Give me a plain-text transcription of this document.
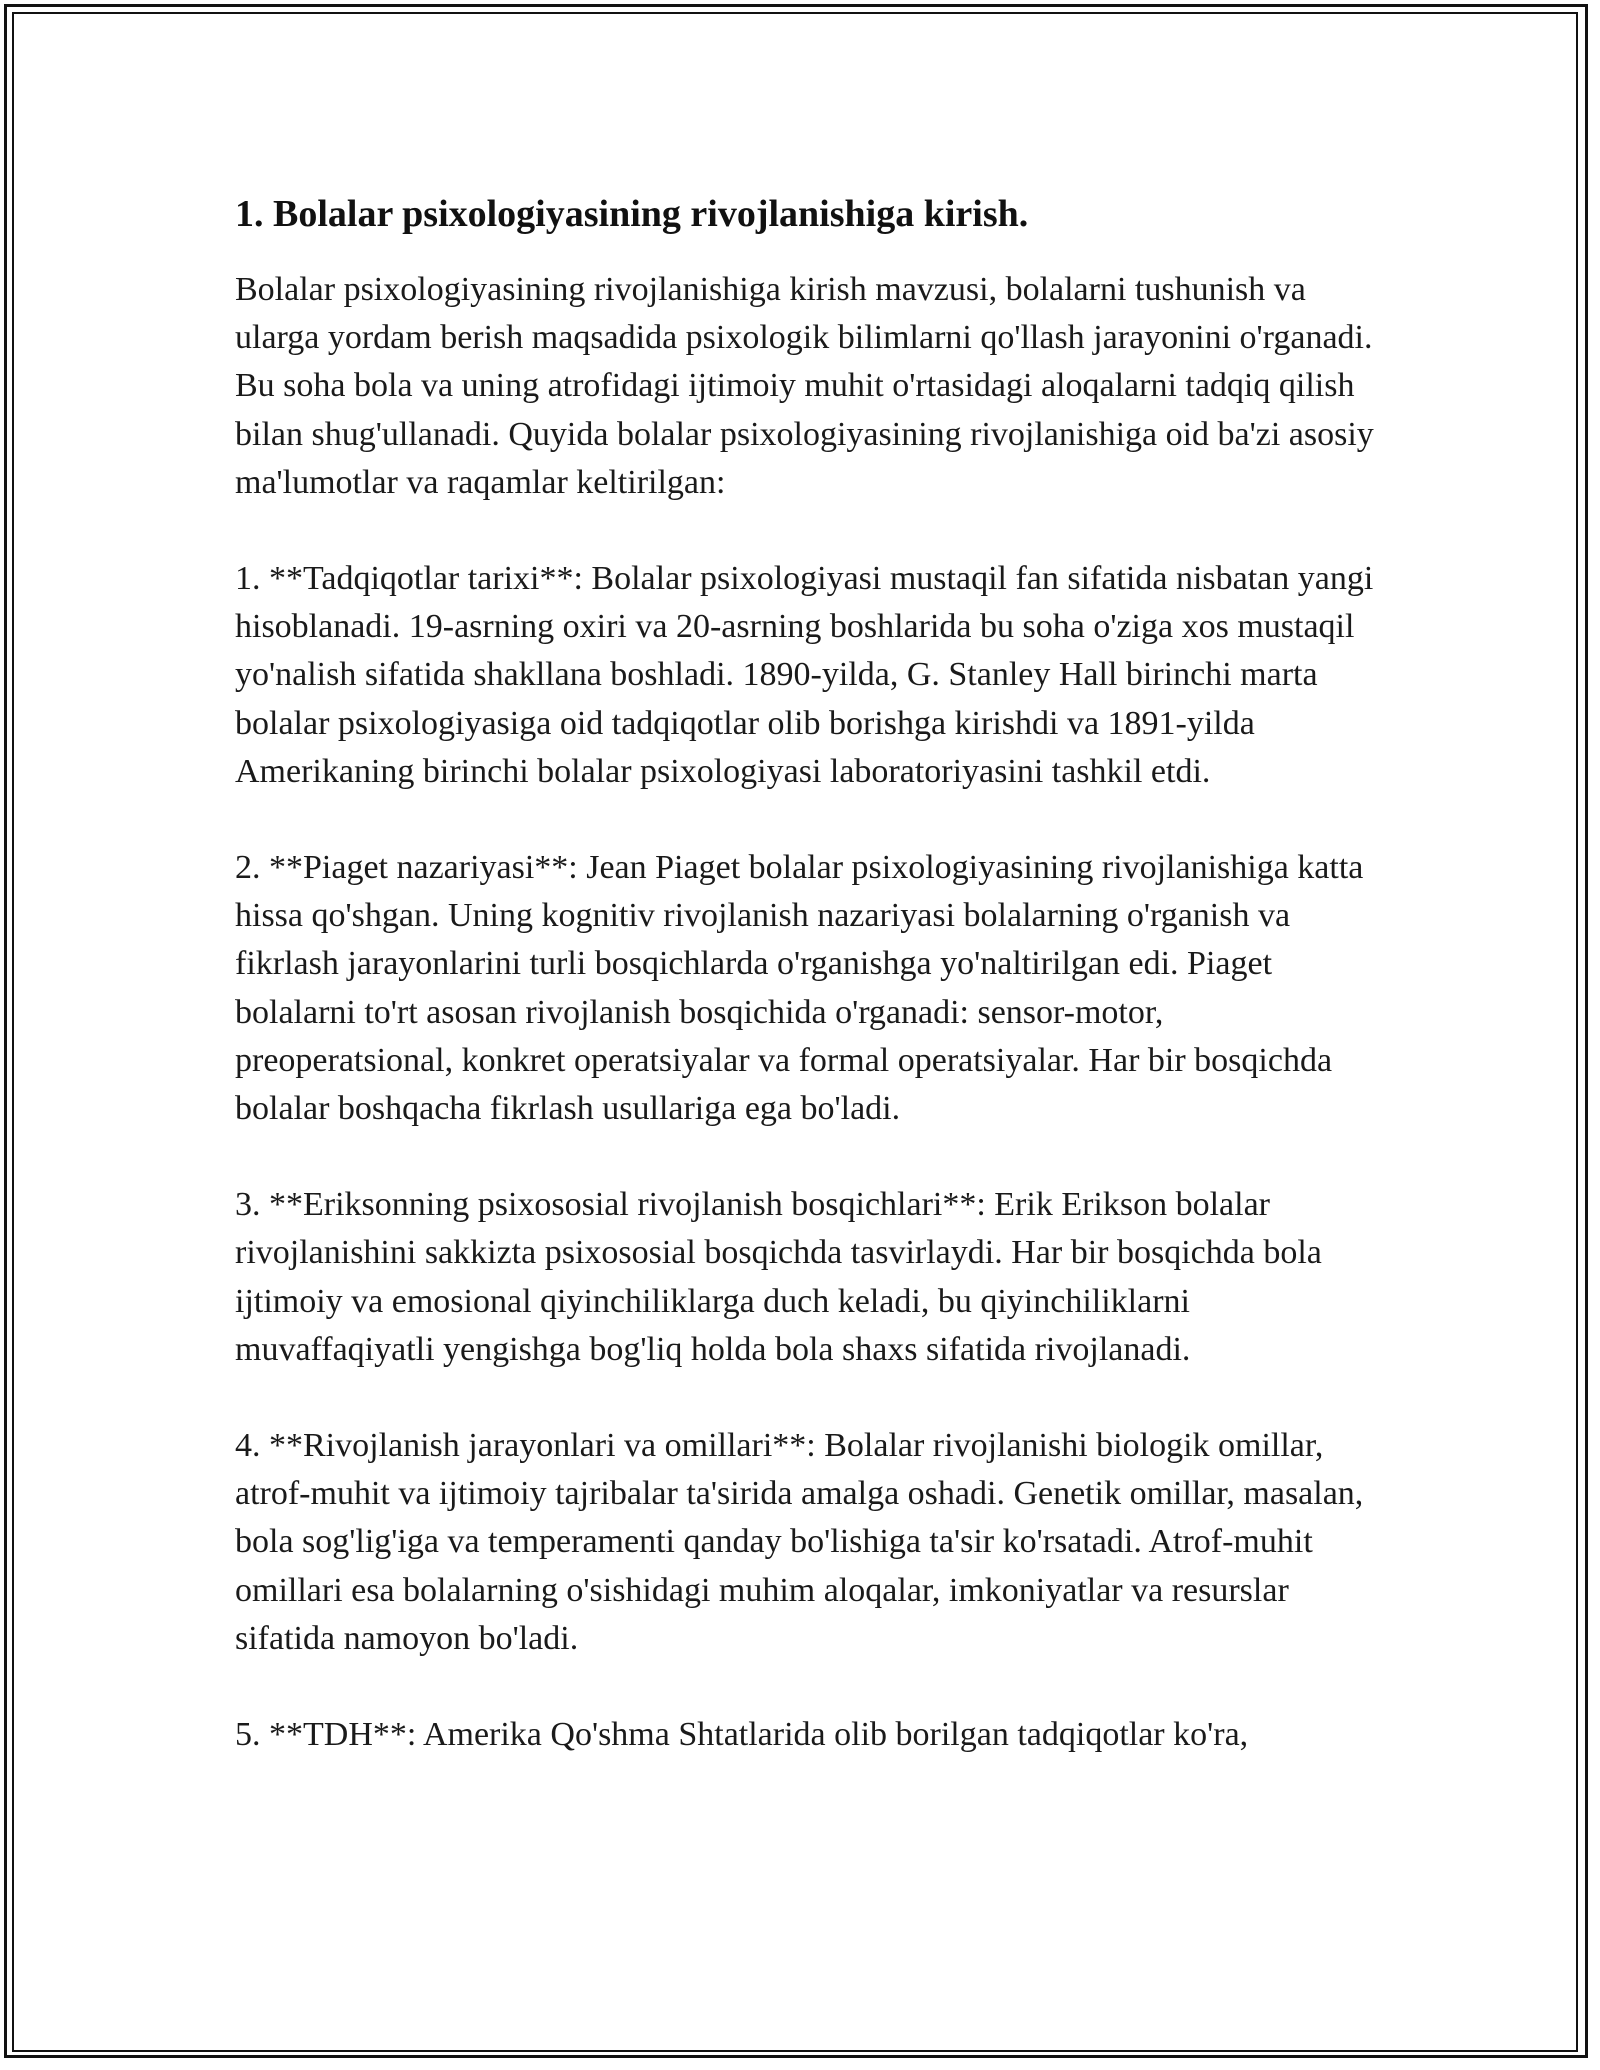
1. Bolalar psixologiyasining rivojlanishiga kirish.

Bolalar psixologiyasining rivojlanishiga kirish mavzusi, bolalarni tushunish va ularga yordam berish maqsadida psixologik bilimlarni qo'llash jarayonini o'rganadi. Bu soha bola va uning atrofidagi ijtimoiy muhit o'rtasidagi aloqalarni tadqiq qilish bilan shug'ullanadi. Quyida bolalar psixologiyasining rivojlanishiga oid ba'zi asosiy ma'lumotlar va raqamlar keltirilgan:

1. **Tadqiqotlar tarixi**: Bolalar psixologiyasi mustaqil fan sifatida nisbatan yangi hisoblanadi. 19-asrning oxiri va 20-asrning boshlarida bu soha o'ziga xos mustaqil yo'nalish sifatida shakllana boshladi. 1890-yilda, G. Stanley Hall birinchi marta bolalar psixologiyasiga oid tadqiqotlar olib borishga kirishdi va 1891-yilda Amerikaning birinchi bolalar psixologiyasi laboratoriyasini tashkil etdi.

2. **Piaget nazariyasi**: Jean Piaget bolalar psixologiyasining rivojlanishiga katta hissa qo'shgan. Uning kognitiv rivojlanish nazariyasi bolalarning o'rganish va fikrlash jarayonlarini turli bosqichlarda o'rganishga yo'naltirilgan edi. Piaget bolalarni to'rt asosan rivojlanish bosqichida o'rganadi: sensor-motor, preoperatsional, konkret operatsiyalar va formal operatsiyalar. Har bir bosqichda bolalar boshqacha fikrlash usullariga ega bo'ladi.

3. **Eriksonning psixososial rivojlanish bosqichlari**: Erik Erikson bolalar rivojlanishini sakkizta psixososial bosqichda tasvirlaydi. Har bir bosqichda bola ijtimoiy va emosional qiyinchiliklarga duch keladi, bu qiyinchiliklarni muvaffaqiyatli yengishga bog'liq holda bola shaxs sifatida rivojlanadi.

4. **Rivojlanish jarayonlari va omillari**: Bolalar rivojlanishi biologik omillar, atrof-muhit va ijtimoiy tajribalar ta'sirida amalga oshadi. Genetik omillar, masalan, bola sog'lig'iga va temperamenti qanday bo'lishiga ta'sir ko'rsatadi. Atrof-muhit omillari esa bolalarning o'sishidagi muhim aloqalar, imkoniyatlar va resurslar sifatida namoyon bo'ladi.

5. **TDH**: Amerika Qo'shma Shtatlarida olib borilgan tadqiqotlar ko'ra,
